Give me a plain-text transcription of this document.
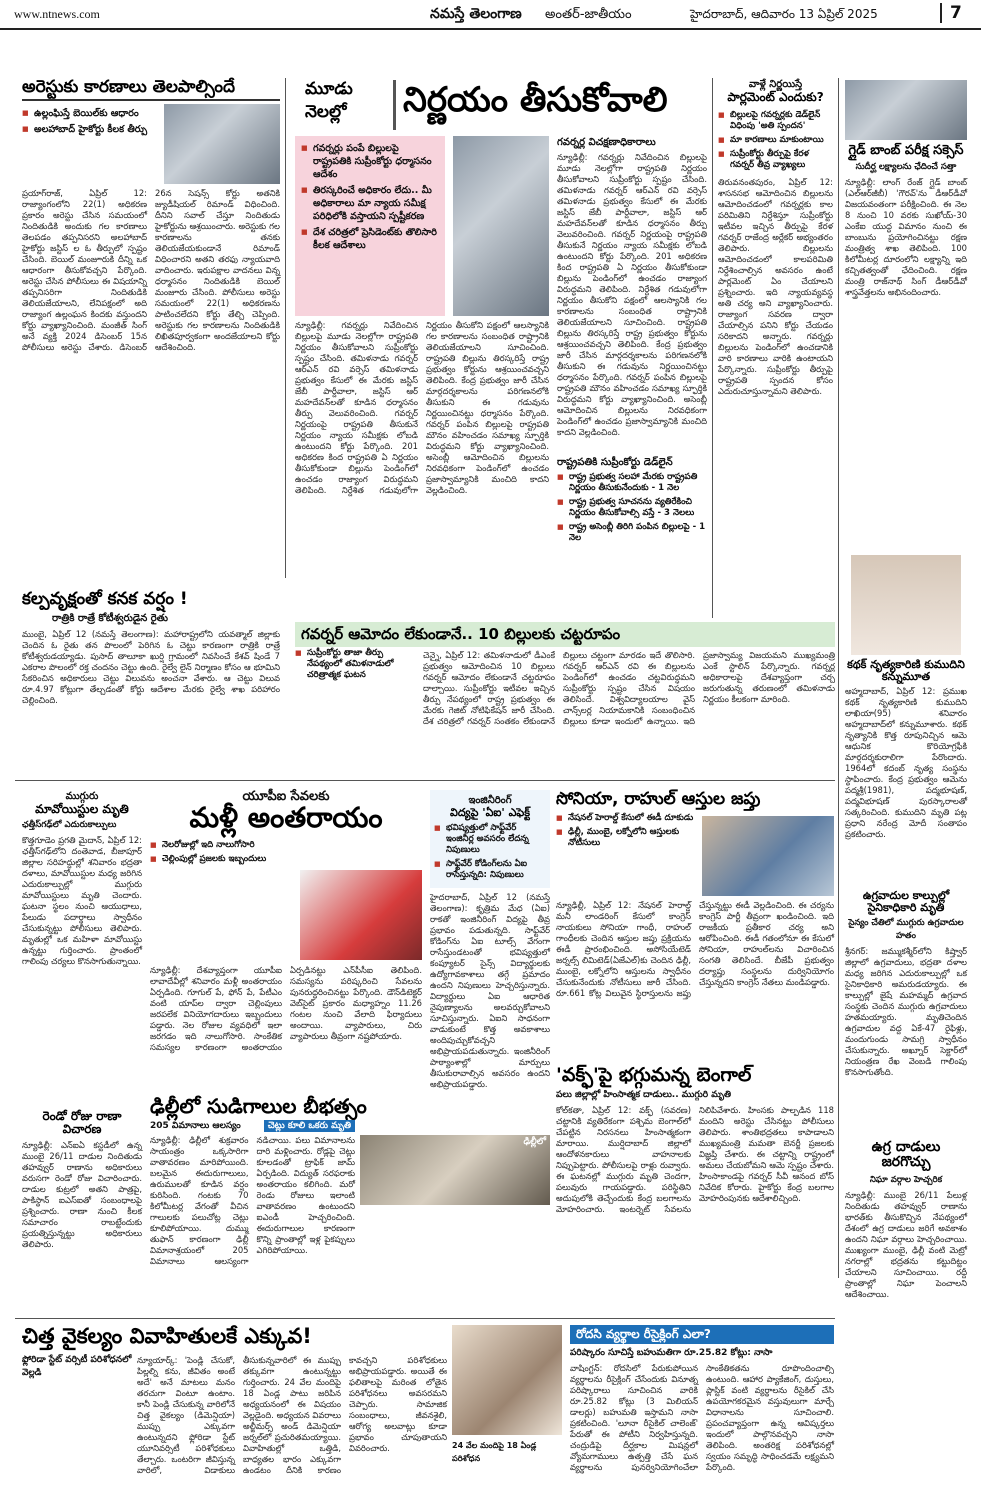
www.ntnews.com	నమస్తే తెలంగాణ అంతర్-జాతీయం	హైదరాబాద్, ఆదివారం 13 ఏప్రిల్ 2025	7
అరెస్టుకు కారణాలు తెలపాల్సిందే
■ ఉల్లంఘిస్తే బెయిల్‌కు ఆధారం
■ అలహాబాద్ హైకోర్టు కీలక తీర్పు
ప్రయాగ్‌రాజ్, ఏప్రిల్ 12: రాజ్యాంగంలోని 22(1) అధికరణ ప్రకారం అరెస్టు చేసిన సమయంలో నిందితుడికి అందుకు గల కారణాలు తెలపడం తప్పనిసరని అలహాబాద్ హైకోర్టు జస్టిస్ ల ఓ తీర్పులో స్పష్టం చేసింది. బెయిల్ మంజూరుకి దీన్ని ఒక ఆధారంగా తీసుకోవచ్చని పేర్కొంది. అరెస్టు చేసిన పోలీసులు ఈ విషయాన్ని తప్పనిసరిగా నిందితుడికి తెలియజేయాలని, లేనిపక్షంలో అది రాజ్యాంగ ఉల్లంఘన కిందకు వస్తుందని కోర్టు వ్యాఖ్యానించింది. మంజీత్ సింగ్ అనే వ్యక్తి 2024 డిసెంబర్ 15న పోలీసులు అరెస్టు చేశారు. డిసెంబర్ 26న సెషన్స్ కోర్టు అతనికి జ్యుడీషియల్ రిమాండ్ విధించింది. దీనిని సవాల్ చేస్తూ నిందితుడు హైకోర్టును ఆశ్రయించారు. అరెస్టుకు గల కారణాలను తనకు తెలియజేయకుండానే రిమాండ్ విధించారని అతని తరఫు న్యాయవాది వాదించారు. ఇరుపక్షాల వాదనలు విన్న ధర్మాసనం నిందితుడికి బెయిల్ మంజూరు చేసింది. పోలీసులు అరెస్టు సమయంలో 22(1) అధికరణను పాటించలేదని కోర్టు తేల్చి చెప్పింది. అరెస్టుకు గల కారణాలను నిందితుడికి లిఖితపూర్వకంగా అందజేయాలని కోర్టు ఆదేశించింది.
కల్పవృక్షంతో కనక వర్షం !
రాత్రికి రాత్రే కోటీశ్వరుడైన రైతు
ముంబై, ఏప్రిల్ 12 (నమస్తే తెలంగాణ): మహారాష్ట్రలోని యవత్మాల్ జిల్లాకు చెందిన ఓ రైతు తన పొలంలో పెరిగిన ఓ చెట్టు కారణంగా రాత్రికి రాత్రే కోటీశ్వరుడయ్యాడు. పుసాద్ తాలూకా ఖుర్షి గ్రామంలో నివసించే కేశవ్ షిండే 7 ఎకరాల పొలంలో రక్త చందనం చెట్టు ఉంది. రైల్వే లైన్ నిర్మాణం కోసం ఆ భూమిని సేకరించిన అధికారులు చెట్టు విలువను అంచనా వేశారు. ఆ చెట్టు విలువ రూ.4.97 కోట్లుగా తేల్చడంతో కోర్టు ఆదేశాల మేరకు రైల్వే శాఖ పరిహారం చెల్లించింది.
మూడు
నెలల్లో	నిర్ణయం తీసుకోవాలి
■ గవర్నర్లు పంపే బిల్లులపై రాష్ట్రపతికి సుప్రీంకోర్టు ధర్మాసనం ఆదేశం
■ తిరస్కరించే అధికారం లేదు.. మీ అధికారాలు మా న్యాయ సమీక్ష పరిధిలోకి వస్తాయని స్పష్టీకరణ
■ దేశ చరిత్రలో ప్రెసిడెంట్‌కు తొలిసారి కీలక ఆదేశాలు
న్యూఢిల్లీ: గవర్నర్లు నివేదించిన బిల్లులపై మూడు నెలల్లోగా రాష్ట్రపతి నిర్ణయం తీసుకోవాలని సుప్రీంకోర్టు స్పష్టం చేసింది. తమిళనాడు గవర్నర్ ఆర్‌ఎన్ రవి వర్సెస్ తమిళనాడు ప్రభుత్వం కేసులో ఈ మేరకు జస్టిస్ జేబీ పార్దీవాలా, జస్టిస్ ఆర్ మహదేవన్‌లతో కూడిన ధర్మాసనం తీర్పు వెలువరించింది. గవర్నర్ నిర్ణయంపై రాష్ట్రపతి తీసుకునే నిర్ణయం న్యాయ సమీక్షకు లోబడి ఉంటుందని కోర్టు పేర్కొంది. 201 అధికరణ కింద రాష్ట్రపతి ఏ నిర్ణయం తీసుకోకుండా బిల్లును పెండింగ్‌లో ఉంచడం రాజ్యాంగ విరుద్ధమని తెలిపింది. నిర్దేశిత గడువులోగా నిర్ణయం తీసుకోని పక్షంలో ఆలస్యానికి గల కారణాలను సంబంధిత రాష్ట్రానికి తెలియజేయాలని సూచించింది. రాష్ట్రపతి బిల్లును తిరస్కరిస్తే రాష్ట్ర ప్రభుత్వం కోర్టును ఆశ్రయించవచ్చని తెలిపింది. కేంద్ర ప్రభుత్వం జారీ చేసిన మార్గదర్శకాలను పరిగణనలోకి తీసుకుని ఈ గడువును నిర్ణయించినట్టు ధర్మాసనం పేర్కొంది. గవర్నర్ పంపిన బిల్లులపై రాష్ట్రపతి మౌనం వహించడం సమాఖ్య స్ఫూర్తికి విరుద్ధమని కోర్టు వ్యాఖ్యానించింది. అసెంబ్లీ ఆమోదించిన బిల్లులను నిరవధికంగా పెండింగ్‌లో ఉంచడం ప్రజాస్వామ్యానికి మంచిది కాదని వెల్లడించింది.
గవర్నర్ల విచక్షణాధికారాలు
న్యూఢిల్లీ: గవర్నర్లు నివేదించిన బిల్లులపై మూడు నెలల్లోగా రాష్ట్రపతి నిర్ణయం తీసుకోవాలని సుప్రీంకోర్టు స్పష్టం చేసింది. తమిళనాడు గవర్నర్ ఆర్‌ఎన్ రవి వర్సెస్ తమిళనాడు ప్రభుత్వం కేసులో ఈ మేరకు జస్టిస్ జేబీ పార్దీవాలా, జస్టిస్ ఆర్ మహదేవన్‌లతో కూడిన ధర్మాసనం తీర్పు వెలువరించింది. గవర్నర్ నిర్ణయంపై రాష్ట్రపతి తీసుకునే నిర్ణయం న్యాయ సమీక్షకు లోబడి ఉంటుందని కోర్టు పేర్కొంది. 201 అధికరణ కింద రాష్ట్రపతి ఏ నిర్ణయం తీసుకోకుండా బిల్లును పెండింగ్‌లో ఉంచడం రాజ్యాంగ విరుద్ధమని తెలిపింది. నిర్దేశిత గడువులోగా నిర్ణయం తీసుకోని పక్షంలో ఆలస్యానికి గల కారణాలను సంబంధిత రాష్ట్రానికి తెలియజేయాలని సూచించింది. రాష్ట్రపతి బిల్లును తిరస్కరిస్తే రాష్ట్ర ప్రభుత్వం కోర్టును ఆశ్రయించవచ్చని తెలిపింది. కేంద్ర ప్రభుత్వం జారీ చేసిన మార్గదర్శకాలను పరిగణనలోకి తీసుకుని ఈ గడువును నిర్ణయించినట్టు ధర్మాసనం పేర్కొంది. గవర్నర్ పంపిన బిల్లులపై రాష్ట్రపతి మౌనం వహించడం సమాఖ్య స్ఫూర్తికి విరుద్ధమని కోర్టు వ్యాఖ్యానించింది. అసెంబ్లీ ఆమోదించిన బిల్లులను నిరవధికంగా పెండింగ్‌లో ఉంచడం ప్రజాస్వామ్యానికి మంచిది కాదని వెల్లడించింది.
రాష్ట్రపతికి సుప్రీంకోర్టు డెడ్‌లైన్
■ రాష్ట్ర ప్రభుత్వ సలహా మేరకు రాష్ట్రపతి నిర్ణయం తీసుకునేందుకు - 1 నెల
■ రాష్ట్ర ప్రభుత్వ సూచనను వ్యతిరేకించి నిర్ణయం తీసుకోవాల్సి వస్తే - 3 నెలలు
■ రాష్ట్ర అసెంబ్లీ తిరిగి పంపిన బిల్లులపై - 1 నెల
వాళ్లే నిర్ణయిస్తే
పార్లమెంట్ ఎందుకు?
■ బిల్లులపై గవర్నర్లకు డెడ్‌లైన్ విధింపు 'అతి స్పందన'
■ మా కారణాలు మాకుంటాయి
■ సుప్రీంకోర్టు తీర్పుపై కేరళ గవర్నర్ తీవ్ర వ్యాఖ్యలు
తిరువనంతపురం, ఏప్రిల్ 12: శాసనసభ ఆమోదించిన బిల్లులను ఆమోదించడంలో గవర్నర్లకు కాల పరిమితిని నిర్దేశిస్తూ సుప్రీంకోర్టు ఇటీవల ఇచ్చిన తీర్పుపై కేరళ గవర్నర్ రాజేంద్ర అర్లేకర్ అభ్యంతరం తెలిపారు. బిల్లులను ఆమోదించడంలో కాలపరిమితి నిర్దేశించాల్సిన అవసరం ఉంటే పార్లమెంట్ ఏం చేయాలని ప్రశ్నించారు. ఇది న్యాయవ్యవస్థ అతి చర్య అని వ్యాఖ్యానించారు. రాజ్యాంగ సవరణ ద్వారా చేయాల్సిన పనిని కోర్టు చేయడం సరికాదని అన్నారు. గవర్నర్లు బిల్లులను పెండింగ్‌లో ఉంచడానికి వారి కారణాలు వారికి ఉంటాయని పేర్కొన్నారు. సుప్రీంకోర్టు తీర్పుపై రాష్ట్రపతి స్పందన కోసం ఎదురుచూస్తున్నామని తెలిపారు.
గ్లైడ్ బాంబ్ పరీక్ష సక్సెస్
సుదీర్ఘ లక్ష్యాలను ఛేదించే సత్తా
న్యూఢిల్లీ: లాంగ్ రేంజ్ గ్లైడ్ బాంబ్ (ఎల్‌ఆర్‌జీబీ) 'గౌరవ్'ను డీఆర్‌డీవో విజయవంతంగా పరీక్షించింది. ఈ నెల 8 నుంచి 10 వరకు సుఖోయ్-30 ఎంకేఐ యుద్ధ విమానం నుంచి ఈ బాంబును ప్రయోగించినట్టు రక్షణ మంత్రిత్వ శాఖ తెలిపింది. 100 కిలోమీటర్ల దూరంలోని లక్ష్యాన్ని ఇది కచ్చితత్వంతో ఛేదించింది. రక్షణ మంత్రి రాజ్‌నాథ్ సింగ్ డీఆర్‌డీవో శాస్త్రవేత్తలను అభినందించారు.
కథక్ నృత్యకారిణి కుముదిని కన్నుమూత
అహ్మదాబాద్, ఏప్రిల్ 12: ప్రముఖ కథక్ నృత్యకారిణి కుముదిని లాఖియా(95) శనివారం అహ్మదాబాద్‌లో కన్నుమూశారు. కథక్ నృత్యానికి కొత్త రూపునిచ్చిన ఆమె ఆధునిక కొరియోగ్రఫీకి మార్గదర్శకురాలిగా పేరొందారు. 1964లో కదంబ్ నృత్య సంస్థను స్థాపించారు. కేంద్ర ప్రభుత్వం ఆమెను పద్మశ్రీ(1981), పద్మభూషణ్, పద్మవిభూషణ్ పురస్కారాలతో సత్కరించింది. కుముదిని మృతి పట్ల ప్రధాని నరేంద్ర మోదీ సంతాపం ప్రకటించారు.
గవర్నర్ ఆమోదం లేకుండానే.. 10 బిల్లులకు చట్టరూపం
■ సుప్రీంకోర్టు తాజా తీర్పు నేపథ్యంలో తమిళనాడులో చరిత్రాత్మక ఘటన
చెన్నై, ఏప్రిల్ 12: తమిళనాడులో డీఎంకే ప్రభుత్వం ఆమోదించిన 10 బిల్లులు గవర్నర్ ఆమోదం లేకుండానే చట్టరూపం దాల్చాయి. సుప్రీంకోర్టు ఇటీవల ఇచ్చిన తీర్పు నేపథ్యంలో రాష్ట్ర ప్రభుత్వం ఈ మేరకు గెజిట్ నోటిఫికేషన్ జారీ చేసింది. దేశ చరిత్రలో గవర్నర్ సంతకం లేకుండానే బిల్లులు చట్టంగా మారడం ఇదే తొలిసారి. గవర్నర్ ఆర్‌ఎన్ రవి ఈ బిల్లులను పెండింగ్‌లో ఉంచడం చట్టవిరుద్ధమని సుప్రీంకోర్టు స్పష్టం చేసిన విషయం తెలిసిందే. విశ్వవిద్యాలయాల వైస్ చాన్స్‌లర్ల నియామకానికి సంబంధించిన బిల్లులు కూడా ఇందులో ఉన్నాయి. ఇది ప్రజాస్వామ్య విజయమని ముఖ్యమంత్రి ఎంకే స్టాలిన్ పేర్కొన్నారు. గవర్నర్ల అధికారాలపై దేశవ్యాప్తంగా చర్చ జరుగుతున్న తరుణంలో తమిళనాడు నిర్ణయం కీలకంగా మారింది.
ముగ్గురు
మావోయిస్టుల మృతి
ఛత్తీస్‌గఢ్‌లో ఎదురుకాల్పులు
కొత్తగూడెం ప్రగతి మైదాన్, ఏప్రిల్ 12: ఛత్తీస్‌గఢ్‌లోని దంతెవాడ, బీజాపూర్ జిల్లాల సరిహద్దుల్లో శనివారం భద్రతా దళాలు, మావోయిస్టుల మధ్య జరిగిన ఎదురుకాల్పుల్లో ముగ్గురు మావోయిస్టులు మృతి చెందారు. ఘటనా స్థలం నుంచి ఆయుధాలు, పేలుడు పదార్థాలు స్వాధీనం చేసుకున్నట్టు పోలీసులు తెలిపారు. మృతుల్లో ఒక మహిళా మావోయిస్టు ఉన్నట్టు గుర్తించారు. ప్రాంతంలో గాలింపు చర్యలు కొనసాగుతున్నాయి.
రెండో రోజు రాణా విచారణ
న్యూఢిల్లీ: ఎన్‌ఐఏ కస్టడీలో ఉన్న ముంబై 26/11 దాడుల నిందితుడు తహవ్వుర్ రాణాను అధికారులు వరుసగా రెండో రోజు విచారించారు. దాడుల కుట్రలో అతని పాత్రపై, పాకిస్థాన్ ఐఎస్‌ఐతో సంబంధాలపై ప్రశ్నించారు. రాణా నుంచి కీలక సమాచారం రాబట్టేందుకు ప్రయత్నిస్తున్నట్టు అధికారులు తెలిపారు.
యూపీఐ సేవలకు
మళ్లీ అంతరాయం
■ నెలరోజుల్లో ఇది నాలుగోసారి
■ చెల్లింపుల్లో ప్రజలకు ఇబ్బందులు
న్యూఢిల్లీ: దేశవ్యాప్తంగా యూపీఐ లావాదేవీల్లో శనివారం మళ్లీ అంతరాయం ఏర్పడింది. గూగుల్ పే, ఫోన్ పే, పేటీఎం వంటి యాప్‌ల ద్వారా చెల్లింపులు జరపలేక వినియోగదారులు ఇబ్బందులు పడ్డారు. నెల రోజుల వ్యవధిలో ఇలా జరగడం ఇది నాలుగోసారి. సాంకేతిక సమస్యల కారణంగా అంతరాయం ఏర్పడినట్టు ఎన్‌పీసీఐ తెలిపింది. సమస్యను పరిష్కరించి సేవలను పునరుద్ధరించినట్టు పేర్కొంది. డౌన్‌డిటెక్టర్ వెబ్‌సైట్ ప్రకారం మధ్యాహ్నం 11.26 గంటల నుంచి వేలాది ఫిర్యాదులు అందాయి. వ్యాపారులు, చిరు వ్యాపారులు తీవ్రంగా నష్టపోయారు.
ఇంజినీరింగ్
విద్యపై 'ఏఐ' ఎఫెక్ట్
■ భవిష్యత్తులో సాఫ్ట్‌వేర్ ఇంజినీర్ల అవసరం లేదన్న నిపుణులు
■ సాఫ్ట్‌వేర్ కోడింగ్‌లను ఏఐ రాసేస్తున్నది: నిపుణులు
హైదరాబాద్, ఏప్రిల్ 12 (నమస్తే తెలంగాణ): కృత్రిమ మేధ (ఏఐ) రాకతో ఇంజినీరింగ్ విద్యపై తీవ్ర ప్రభావం పడుతున్నది. సాఫ్ట్‌వేర్ కోడింగ్‌ను ఏఐ టూల్స్ వేగంగా రాసేస్తుండటంతో భవిష్యత్తులో కంప్యూటర్ సైన్స్ విద్యార్థులకు ఉద్యోగావకాశాలు తగ్గే ప్రమాదం ఉందని నిపుణులు హెచ్చరిస్తున్నారు. విద్యార్థులు ఏఐ ఆధారిత నైపుణ్యాలను అలవర్చుకోవాలని సూచిస్తున్నారు. ఏఐని సాధనంగా వాడుకుంటే కొత్త అవకాశాలు అందిపుచ్చుకోవచ్చని అభిప్రాయపడుతున్నారు. ఇంజినీరింగ్ పాఠ్యాంశాల్లో మార్పులు తీసుకురావాల్సిన అవసరం ఉందని అభిప్రాయపడ్డారు.
సోనియా, రాహుల్ ఆస్తుల జప్తు
■ నేషనల్ హెరాల్డ్ కేసులో ఈడీ దూకుడు
■ ఢిల్లీ, ముంబై, లక్నోలోని ఆస్తులకు నోటీసులు
న్యూఢిల్లీ, ఏప్రిల్ 12: నేషనల్ హెరాల్డ్ మనీ లాండరింగ్ కేసులో కాంగ్రెస్ నాయకులు సోనియా గాంధీ, రాహుల్ గాంధీలకు చెందిన ఆస్తుల జప్తు ప్రక్రియను ఈడీ ప్రారంభించింది. అసోసియేటెడ్ జర్నల్స్ లిమిటెడ్(ఏజేఎల్)కు చెందిన ఢిల్లీ, ముంబై, లక్నోలోని ఆస్తులను స్వాధీనం చేసుకునేందుకు నోటీసులు జారీ చేసింది. రూ.661 కోట్ల విలువైన స్థిరాస్తులను జప్తు చేస్తున్నట్టు ఈడీ వెల్లడించింది. ఈ చర్యను కాంగ్రెస్ పార్టీ తీవ్రంగా ఖండించింది. ఇది రాజకీయ ప్రతీకార చర్య అని ఆరోపించింది. ఈడీ గతంలోనూ ఈ కేసులో సోనియా, రాహుల్‌లను విచారించిన సంగతి తెలిసిందే. బీజేపీ ప్రభుత్వం దర్యాప్తు సంస్థలను దుర్వినియోగం చేస్తున్నదని కాంగ్రెస్ నేతలు మండిపడ్డారు.
ఢిల్లీలో సుడిగాలుల బీభత్సం
205 విమానాలు ఆలస్యం	చెట్లు కూలి ఒకరు మృతి
ఢిల్లీలో
న్యూఢిల్లీ: ఢిల్లీలో శుక్రవారం సాయంత్రం ఒక్కసారిగా వాతావరణం మారిపోయింది. బలమైన ఈదురుగాలులు, ఉరుములతో కూడిన వర్షం కురిసింది. గంటకు 70 కిలోమీటర్ల వేగంతో వీచిన గాలులకు పలుచోట్ల చెట్లు కూలిపోయాయి. దుమ్ము తుఫాన్ కారణంగా ఢిల్లీ విమానాశ్రయంలో 205 విమానాలు ఆలస్యంగా నడిచాయి. పలు విమానాలను దారి మళ్లించారు. రోడ్లపై చెట్లు కూలడంతో ట్రాఫిక్ జామ్ ఏర్పడింది. విద్యుత్ సరఫరాకు అంతరాయం కలిగింది. మరో రెండు రోజులు ఇలాంటి వాతావరణం ఉంటుందని ఐఎండీ హెచ్చరించింది. ఈదురుగాలుల కారణంగా కొన్ని ప్రాంతాల్లో ఇళ్ల పైకప్పులు ఎగిరిపోయాయి.
'వక్ఫ్'పై భగ్గుమన్న బెంగాల్
పలు జిల్లాల్లో హింసాత్మక దాడులు.. ముగ్గురి మృతి
కోల్‌కతా, ఏప్రిల్ 12: వక్ఫ్ (సవరణ) చట్టానికి వ్యతిరేకంగా పశ్చిమ బెంగాల్‌లో చేపట్టిన నిరసనలు హింసాత్మకంగా మారాయి. ముర్షిదాబాద్ జిల్లాలో ఆందోళనకారులు వాహనాలకు నిప్పుపెట్టారు. పోలీసులపై రాళ్లు రువ్వారు. ఈ ఘటనల్లో ముగ్గురు మృతి చెందగా, పలువురు గాయపడ్డారు. పరిస్థితిని అదుపులోకి తెచ్చేందుకు కేంద్ర బలగాలను మోహరించారు. ఇంటర్నెట్ సేవలను నిలిపివేశారు. హింసకు పాల్పడిన 118 మందిని అరెస్టు చేసినట్టు పోలీసులు తెలిపారు. శాంతిభద్రతలు కాపాడాలని ముఖ్యమంత్రి మమతా బెనర్జీ ప్రజలకు విజ్ఞప్తి చేశారు. ఈ చట్టాన్ని రాష్ట్రంలో అమలు చేయబోమని ఆమె స్పష్టం చేశారు. హింసాకాండపై గవర్నర్ సీవీ ఆనంద బోస్ నివేదిక కోరారు. హైకోర్టు కేంద్ర బలగాల మోహరింపునకు ఆదేశాలిచ్చింది.
ఉగ్రవాదుల కాల్పుల్లో సైనికాధికారి మృతి
సైన్యం చేతిలో ముగ్గురు ఉగ్రవాదుల హతం
శ్రీనగర్: జమ్ముకశ్మీర్‌లోని కిష్త్వార్ జిల్లాలో ఉగ్రవాదులు, భద్రతా దళాల మధ్య జరిగిన ఎదురుకాల్పుల్లో ఒక సైనికాధికారి అమరుడయ్యారు. ఈ కాల్పుల్లో జైషే మహమ్మద్ ఉగ్రవాద సంస్థకు చెందిన ముగ్గురు ఉగ్రవాదులు హతమయ్యారు. మృతిచెందిన ఉగ్రవాదుల వద్ద ఏకే-47 రైఫిళ్లు, మందుగుండు సామగ్రి స్వాధీనం చేసుకున్నారు. అఖ్నూర్ సెక్టార్‌లో నియంత్రణ రేఖ వెంబడి గాలింపు కొనసాగుతోంది.
ఉగ్ర దాడులు జరగొచ్చు
నిఘా వర్గాల హెచ్చరిక
న్యూఢిల్లీ: ముంబై 26/11 పేలుళ్ల నిందితుడు తహవ్వుర్ రాణాను భారత్‌కు తీసుకొచ్చిన నేపథ్యంలో దేశంలో ఉగ్ర దాడులు జరిగే అవకాశం ఉందని నిఘా వర్గాలు హెచ్చరించాయి. ముఖ్యంగా ముంబై, ఢిల్లీ వంటి మెట్రో నగరాల్లో భద్రతను కట్టుదిట్టం చేయాలని సూచించాయి. రద్దీ ప్రాంతాల్లో నిఘా పెంచాలని ఆదేశించాయి.
చిత్త వైకల్యం వివాహితులకే ఎక్కువ!
ఫ్లోరిడా స్టేట్ వర్సిటీ పరిశోధనలో వెల్లడి
న్యూయార్క్: 'పెండ్లి చేసుకో, పిల్లల్ని కను, జీవితం అంటే అదే' అనే మాటలు మనం తరచుగా వింటూ ఉంటాం. కానీ పెండ్లి చేసుకున్న వారిలోనే చిత్త వైకల్యం (డిమెన్షియా) ముప్పు ఎక్కువగా ఉంటున్నదని ఫ్లోరిడా స్టేట్ యూనివర్సిటీ పరిశోధకులు తేల్చారు. ఒంటరిగా జీవిస్తున్న వారిలో, విడాకులు తీసుకున్నవారిలో ఈ ముప్పు తక్కువగా ఉంటున్నట్టు గుర్తించారు. 24 వేల మందిపై 18 ఏండ్ల పాటు జరిపిన అధ్యయనంలో ఈ విషయం వెల్లడైంది. అధ్యయన వివరాలు అల్జీమర్స్ అండ్ డిమెన్షియా జర్నల్‌లో ప్రచురితమయ్యాయి. వివాహితుల్లో ఒత్తిడి, బాధ్యతల భారం ఎక్కువగా ఉండటం దీనికి కారణం కావచ్చని పరిశోధకులు అభిప్రాయపడ్డారు. అయితే ఈ ఫలితాలపై మరింత లోతైన పరిశోధనలు అవసరమని చెప్పారు. సామాజిక సంబంధాలు, జీవనశైలి, ఆరోగ్య అలవాట్లు కూడా ప్రభావం చూపుతాయని వివరించారు.	24 వేల మందిపై 18 ఏండ్ల పరిశోధన
రోదసి వ్యర్థాల రీసైక్లింగ్ ఎలా?
పరిష్కారం సూచిస్తే బహుమతిగా రూ.25.82 కోట్లు: నాసా
వాషింగ్టన్: రోదసిలో పేరుకుపోయిన వ్యర్థాలను రీసైక్లింగ్ చేసేందుకు వినూత్న పరిష్కారాలు సూచించిన వారికి రూ.25.82 కోట్లు (3 మిలియన్ డాలర్లు) బహుమతి ఇస్తామని నాసా ప్రకటించింది. 'లూనా రీసైకిల్ చాలెంజ్' పేరుతో ఈ పోటీని నిర్వహిస్తున్నది. చంద్రుడిపై దీర్ఘకాల మిషన్లలో వ్యోమగాములు ఉత్పత్తి చేసే ఘన వ్యర్థాలను పునర్వినియోగించేలా సాంకేతికతను రూపొందించాల్సి ఉంటుంది. ఆహార ప్యాకేజింగ్, దుస్తులు, ప్లాస్టిక్ వంటి వ్యర్థాలను రీసైకిల్ చేసి ఉపయోగకరమైన వస్తువులుగా మార్చే విధానాలను సూచించాలి. ప్రపంచవ్యాప్తంగా ఉన్న ఆవిష్కర్తలు ఇందులో పాల్గొనవచ్చని నాసా తెలిపింది. అంతరిక్ష పరిశోధనల్లో స్వయం సమృద్ధి సాధించడమే లక్ష్యమని పేర్కొంది.
